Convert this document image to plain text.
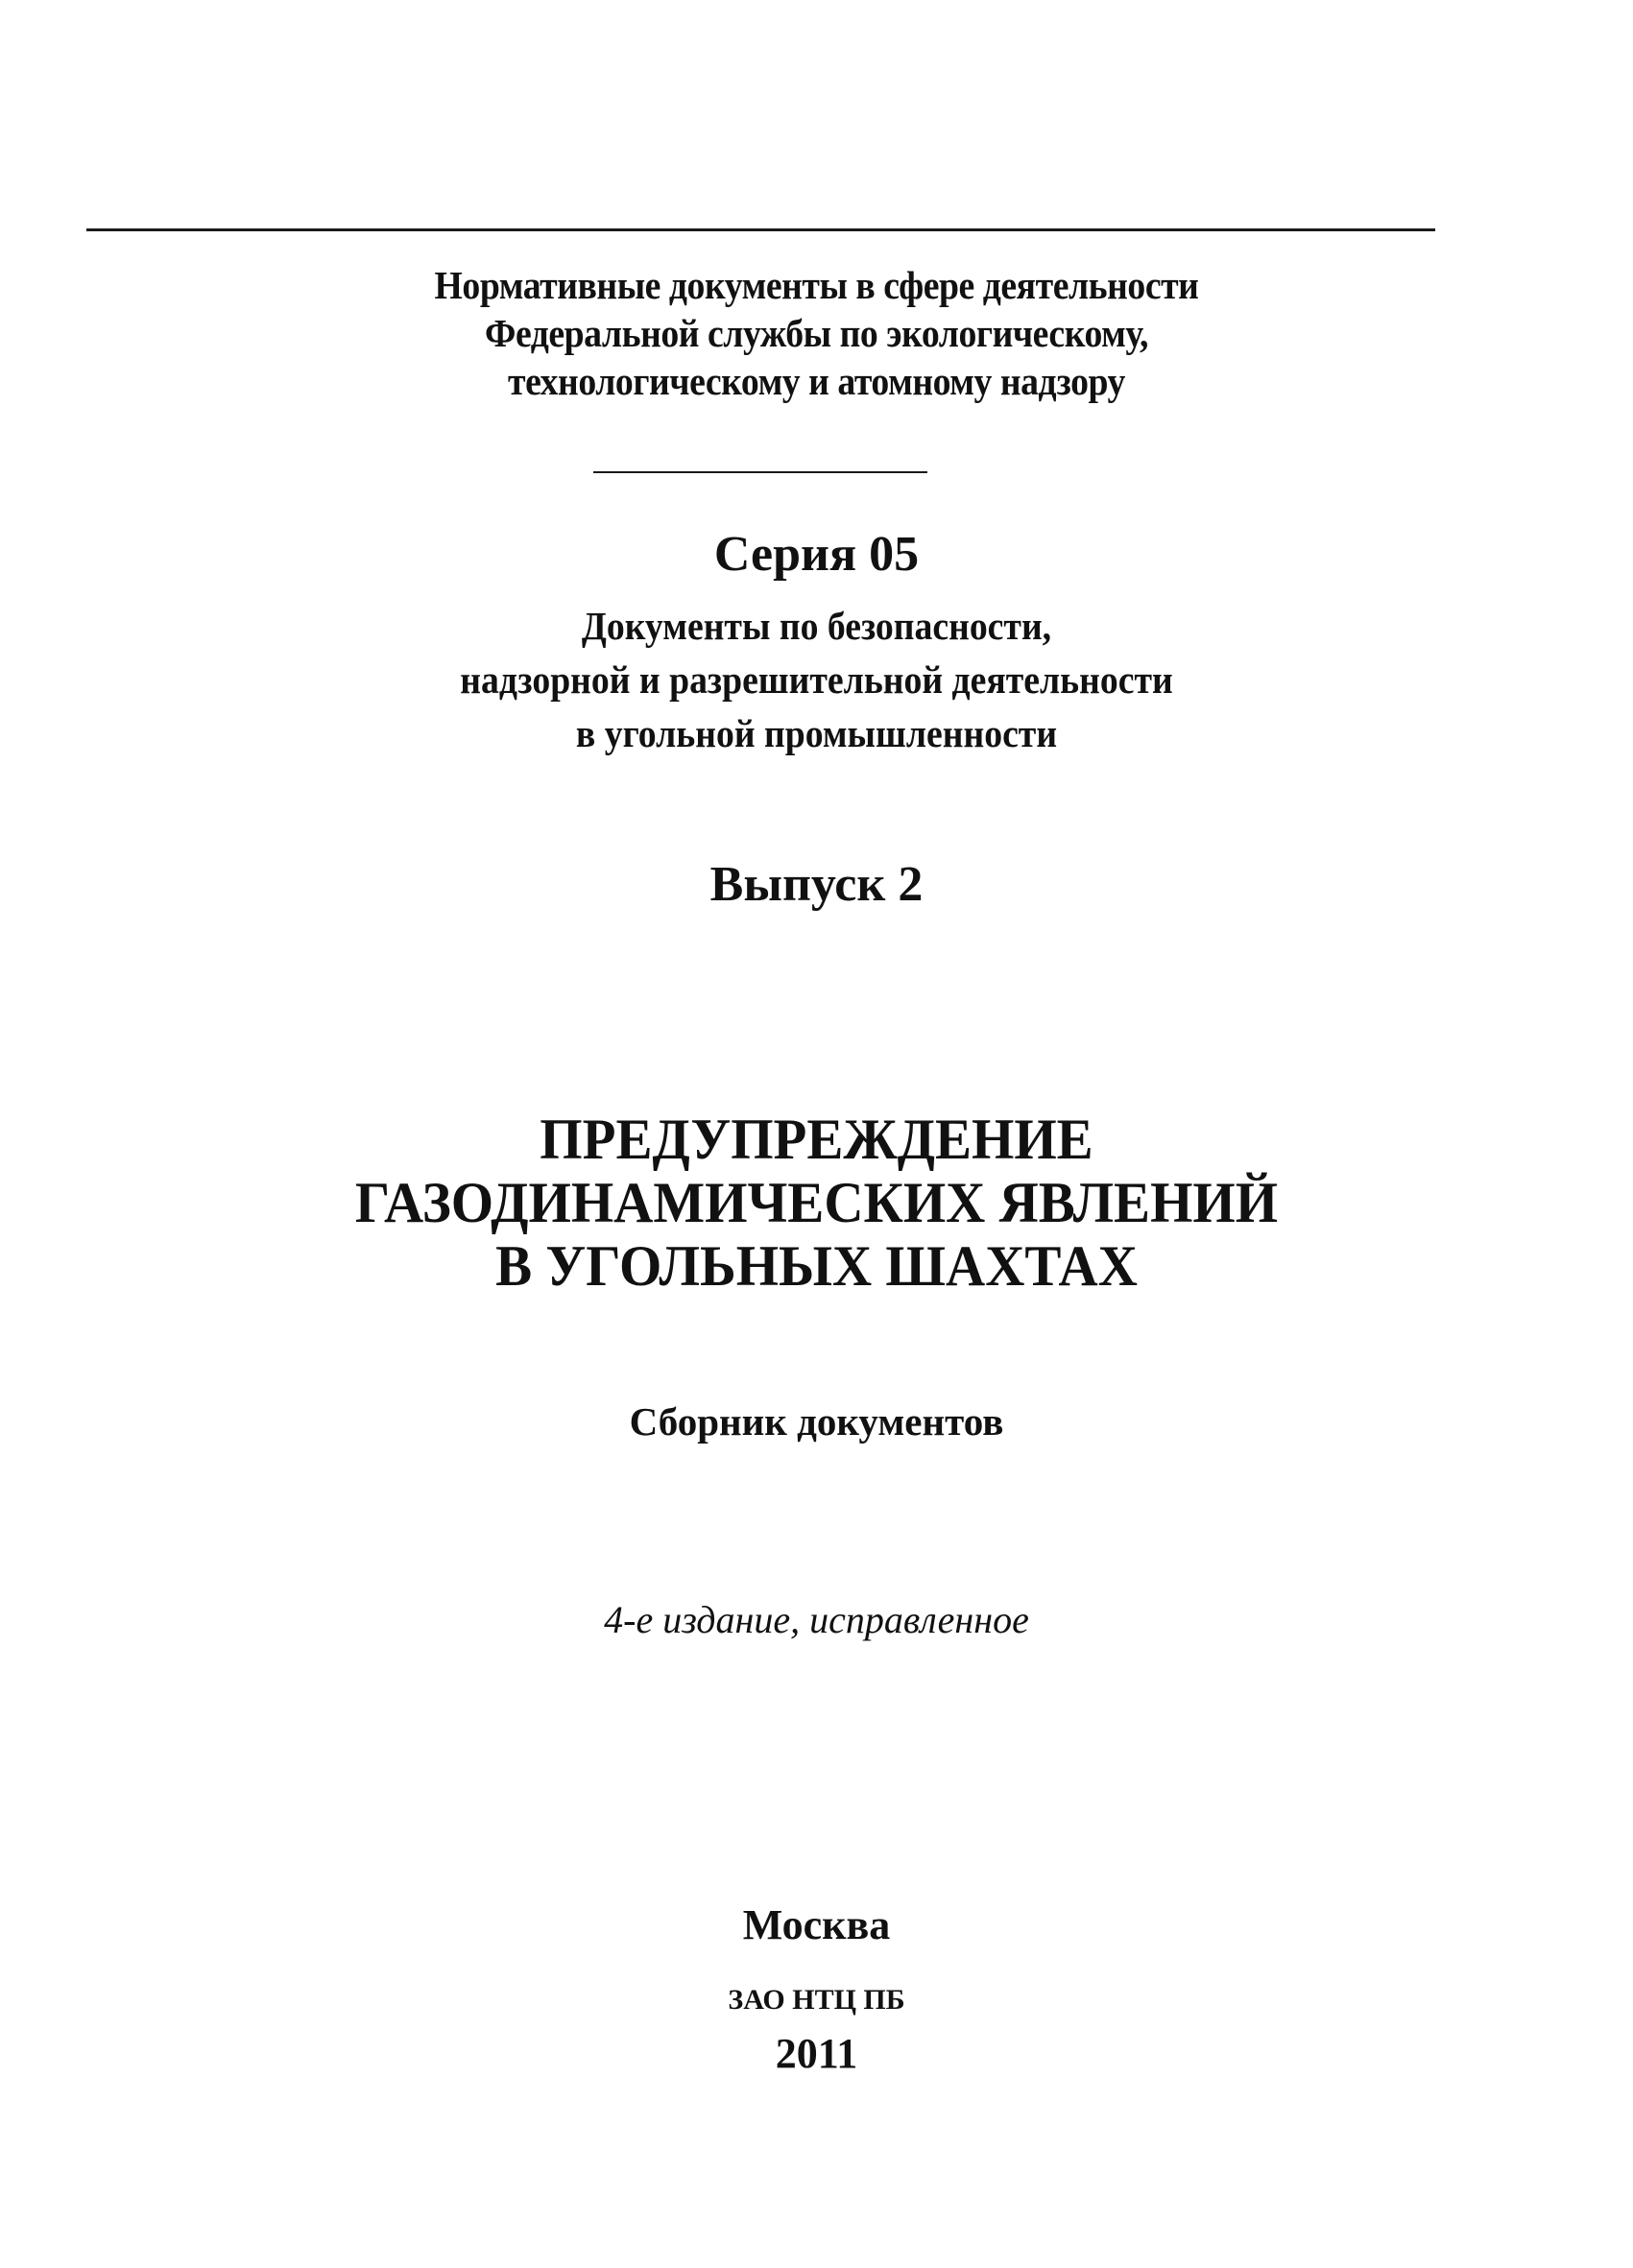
Нормативные документы в сфере деятельности
Федеральной службы по экологическому,
технологическому и атомному надзору
Серия 05
Документы по безопасности,
надзорной и разрешительной деятельности
в угольной промышленности
Выпуск 2
ПРЕДУПРЕЖДЕНИЕ
ГАЗОДИНАМИЧЕСКИХ ЯВЛЕНИЙ
В УГОЛЬНЫХ ШАХТАХ
Сборник документов
4-е издание, исправленное
Москва
ЗАО НТЦ ПБ
2011
